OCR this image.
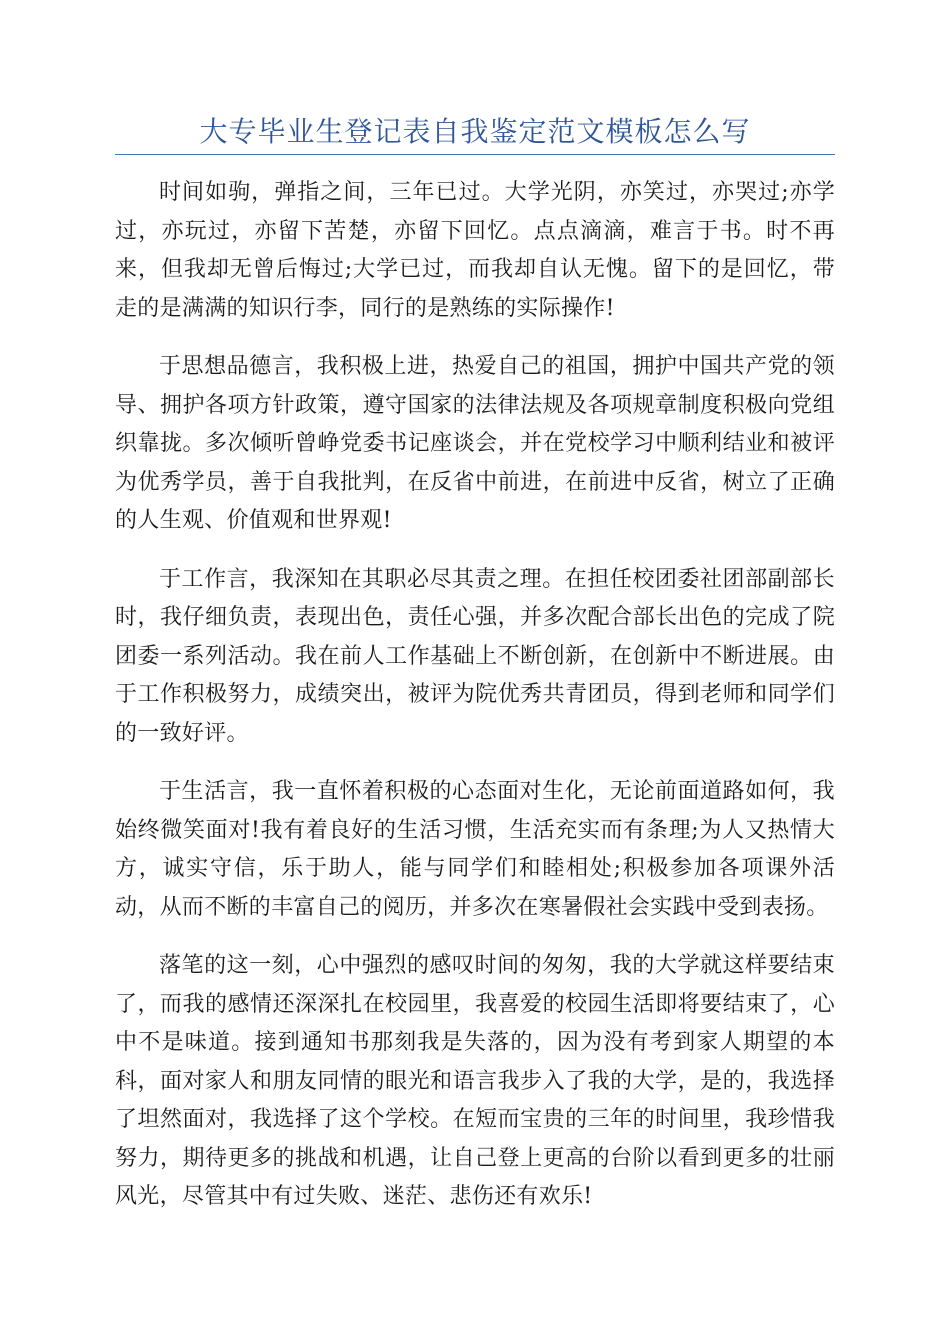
大专毕业生登记表自我鉴定范文模板怎么写

时间如驹，弹指之间，三年已过。大学光阴，亦笑过，亦哭过;亦学过，亦玩过，亦留下苦楚，亦留下回忆。点点滴滴，难言于书。时不再来，但我却无曾后悔过;大学已过，而我却自认无愧。留下的是回忆，带走的是满满的知识行李，同行的是熟练的实际操作!

于思想品德言，我积极上进，热爱自己的祖国，拥护中国共产党的领导、拥护各项方针政策，遵守国家的法律法规及各项规章制度积极向党组织靠拢。多次倾听曾峥党委书记座谈会，并在党校学习中顺利结业和被评为优秀学员，善于自我批判，在反省中前进，在前进中反省，树立了正确的人生观、价值观和世界观!

于工作言，我深知在其职必尽其责之理。在担任校团委社团部副部长时，我仔细负责，表现出色，责任心强，并多次配合部长出色的完成了院团委一系列活动。我在前人工作基础上不断创新，在创新中不断进展。由于工作积极努力，成绩突出，被评为院优秀共青团员，得到老师和同学们的一致好评。

于生活言，我一直怀着积极的心态面对生化，无论前面道路如何，我始终微笑面对!我有着良好的生活习惯，生活充实而有条理;为人又热情大方，诚实守信，乐于助人，能与同学们和睦相处;积极参加各项课外活动，从而不断的丰富自己的阅历，并多次在寒暑假社会实践中受到表扬。

落笔的这一刻，心中强烈的感叹时间的匆匆，我的大学就这样要结束了，而我的感情还深深扎在校园里，我喜爱的校园生活即将要结束了，心中不是味道。接到通知书那刻我是失落的，因为没有考到家人期望的本科，面对家人和朋友同情的眼光和语言我步入了我的大学，是的，我选择了坦然面对，我选择了这个学校。在短而宝贵的三年的时间里，我珍惜我努力，期待更多的挑战和机遇，让自己登上更高的台阶以看到更多的壮丽风光，尽管其中有过失败、迷茫、悲伤还有欢乐!
